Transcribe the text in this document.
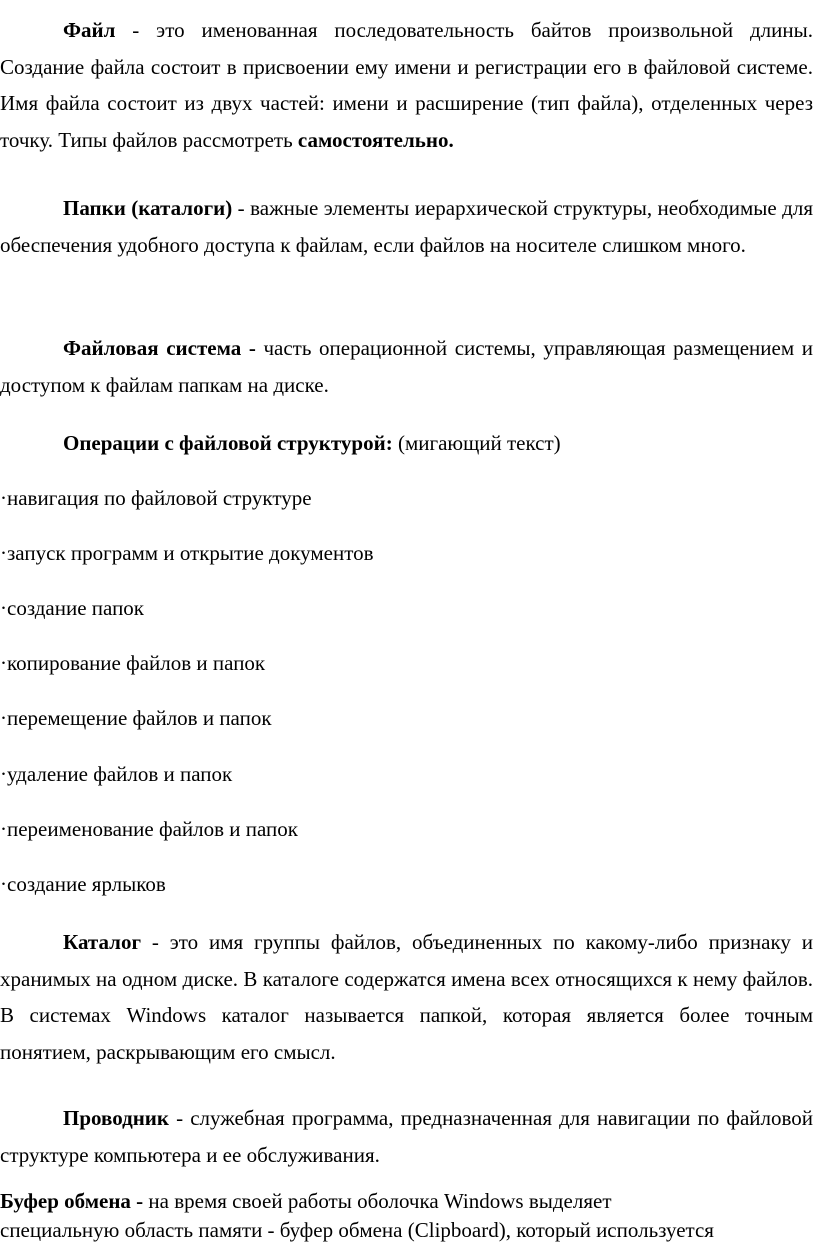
Файл - это именованная последовательность байтов произвольной длины. Создание файла состоит в присвоении ему имени и регистрации его в файловой системе. Имя файла состоит из двух частей: имени и расширение (тип файла), отделенных через точку. Типы файлов рассмотреть самостоятельно.

Папки (каталоги) - важные элементы иерархической структуры, необходимые для обеспечения удобного доступа к файлам, если файлов на носителе слишком много.

Файловая система - часть операционной системы, управляющая размещением и доступом к файлам папкам на диске.

Операции с файловой структурой: (мигающий текст)

·навигация по файловой структуре

·запуск программ и открытие документов

·создание папок

·копирование файлов и папок

·перемещение файлов и папок

·удаление файлов и папок

·переименование файлов и папок

·создание ярлыков

Каталог - это имя группы файлов, объединенных по какому-либо признаку и хранимых на одном диске. В каталоге содержатся имена всех относящихся к нему файлов. В системах Windows каталог называется папкой, которая является более точным понятием, раскрывающим его смысл.

Проводник - служебная программа, предназначенная для навигации по файловой структуре компьютера и ее обслуживания.

Буфер обмена - на время своей работы оболочка Windows выделяет

специальную область памяти - буфер обмена (Clipboard), который используется
